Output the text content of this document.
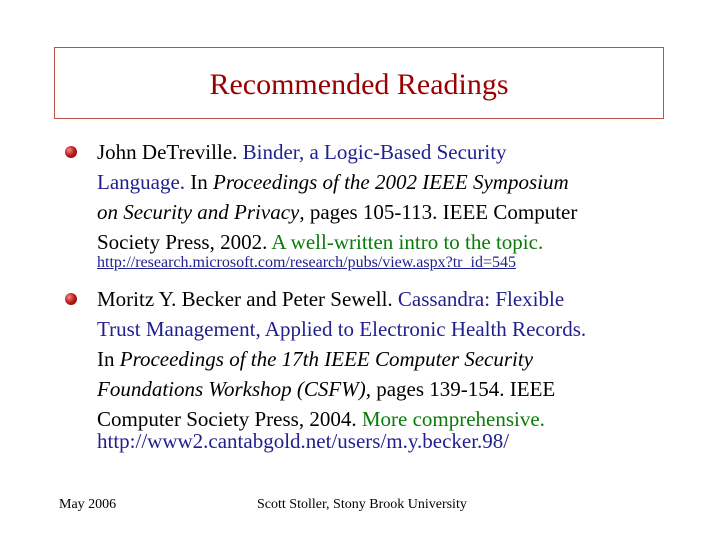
Recommended Readings
John DeTreville. Binder, a Logic-Based Security
Language. In Proceedings of the 2002 IEEE Symposium
on Security and Privacy, pages 105-113. IEEE Computer
Society Press, 2002. A well-written intro to the topic.
http://research.microsoft.com/research/pubs/view.aspx?tr_id=545
Moritz Y. Becker and Peter Sewell. Cassandra: Flexible
Trust Management, Applied to Electronic Health Records.
In Proceedings of the 17th IEEE Computer Security
Foundations Workshop (CSFW), pages 139-154. IEEE
Computer Society Press, 2004. More comprehensive.
http://www2.cantabgold.net/users/m.y.becker.98/
May 2006	Scott Stoller, Stony Brook University
